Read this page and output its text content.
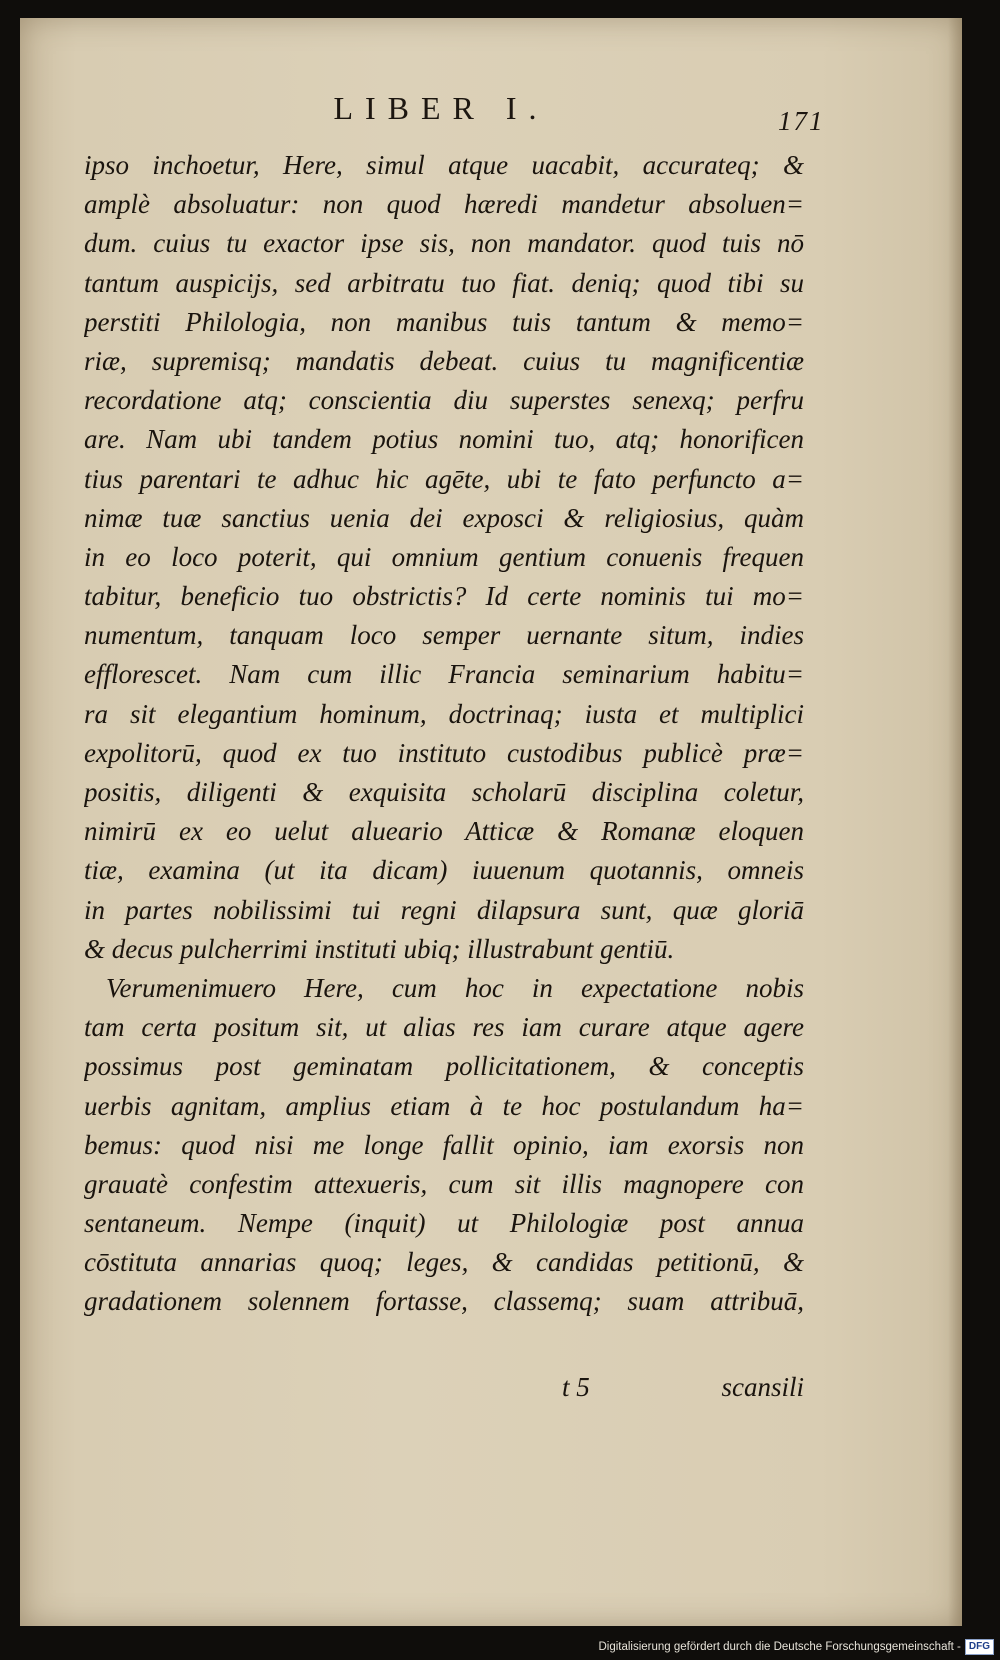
LIBER I.	171
ipso inchoetur, Here, simul atque uacabit, accurateq; &
amplè absoluatur: non quod hæredi mandetur absoluen=
dum. cuius tu exactor ipse sis, non mandator. quod tuis nō
tantum auspicijs, sed arbitratu tuo fiat. deniq; quod tibi su
perstiti Philologia, non manibus tuis tantum & memo=
riæ, supremisq; mandatis debeat. cuius tu magnificentiæ
recordatione atq; conscientia diu superstes senexq; perfru
are. Nam ubi tandem potius nomini tuo, atq; honorificen
tius parentari te adhuc hic agēte, ubi te fato perfuncto a=
nimæ tuæ sanctius uenia dei exposci & religiosius, quàm
in eo loco poterit, qui omnium gentium conuenis frequen
tabitur, beneficio tuo obstrictis? Id certe nominis tui mo=
numentum, tanquam loco semper uernante situm, indies
efflorescet. Nam cum illic Francia seminarium habitu=
ra sit elegantium hominum, doctrinaq; iusta et multiplici
expolitorū, quod ex tuo instituto custodibus publicè præ=
positis, diligenti & exquisita scholarū disciplina coletur,
nimirū ex eo uelut alueario Atticæ & Romanæ eloquen
tiæ, examina (ut ita dicam) iuuenum quotannis, omneis
in partes nobilissimi tui regni dilapsura sunt, quæ gloriā
& decus pulcherrimi instituti ubiq; illustrabunt gentiū.
Verumenimuero Here, cum hoc in expectatione nobis
tam certa positum sit, ut alias res iam curare atque agere
possimus post geminatam pollicitationem, & conceptis
uerbis agnitam, amplius etiam à te hoc postulandum ha=
bemus: quod nisi me longe fallit opinio, iam exorsis non
grauatè confestim attexueris, cum sit illis magnopere con
sentaneum. Nempe (inquit) ut Philologiæ post annua
cōstituta annarias quoq; leges, & candidas petitionū, &
gradationem solennem fortasse, classemq; suam attribuā,
t 5	scansili
Digitalisierung gefördert durch die Deutsche Forschungsgemeinschaft - DFG
